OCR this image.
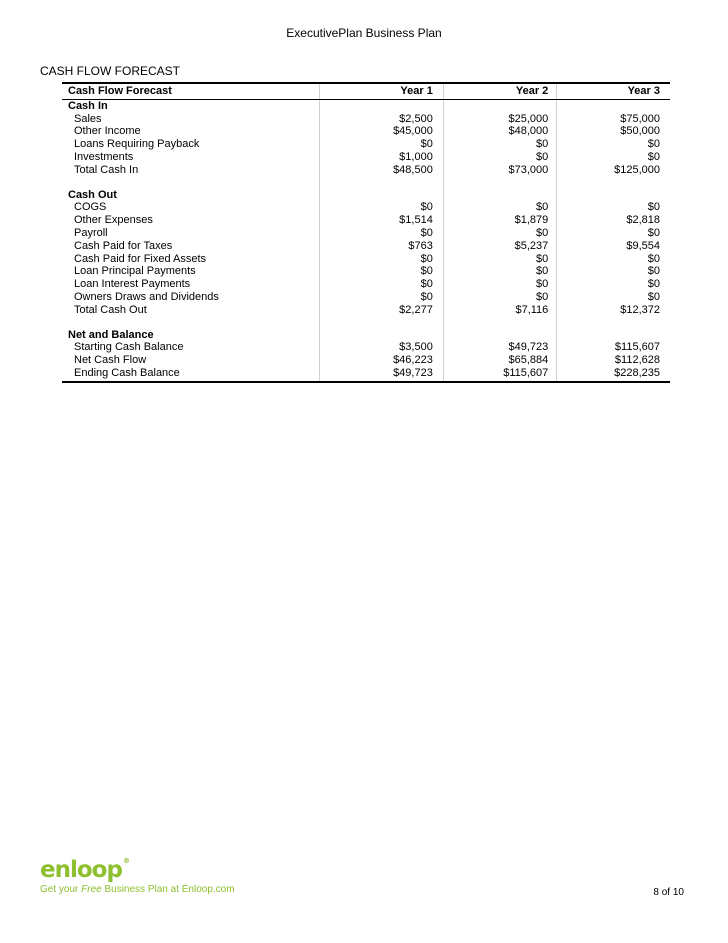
ExecutivePlan Business Plan
CASH FLOW FORECAST
Cash Flow Forecast	Year 1	Year 2	Year 3
Cash In			
Sales	$2,500	$25,000	$75,000
Other Income	$45,000	$48,000	$50,000
Loans Requiring Payback	$0	$0	$0
Investments	$1,000	$0	$0
Total Cash In	$48,500	$73,000	$125,000

Cash Out			
COGS	$0	$0	$0
Other Expenses	$1,514	$1,879	$2,818
Payroll	$0	$0	$0
Cash Paid for Taxes	$763	$5,237	$9,554
Cash Paid for Fixed Assets	$0	$0	$0
Loan Principal Payments	$0	$0	$0
Loan Interest Payments	$0	$0	$0
Owners Draws and Dividends	$0	$0	$0
Total Cash Out	$2,277	$7,116	$12,372

Net and Balance			
Starting Cash Balance	$3,500	$49,723	$115,607
Net Cash Flow	$46,223	$65,884	$112,628
Ending Cash Balance	$49,723	$115,607	$228,235
enloop®
Get your Free Business Plan at Enloop.com	8 of 10
